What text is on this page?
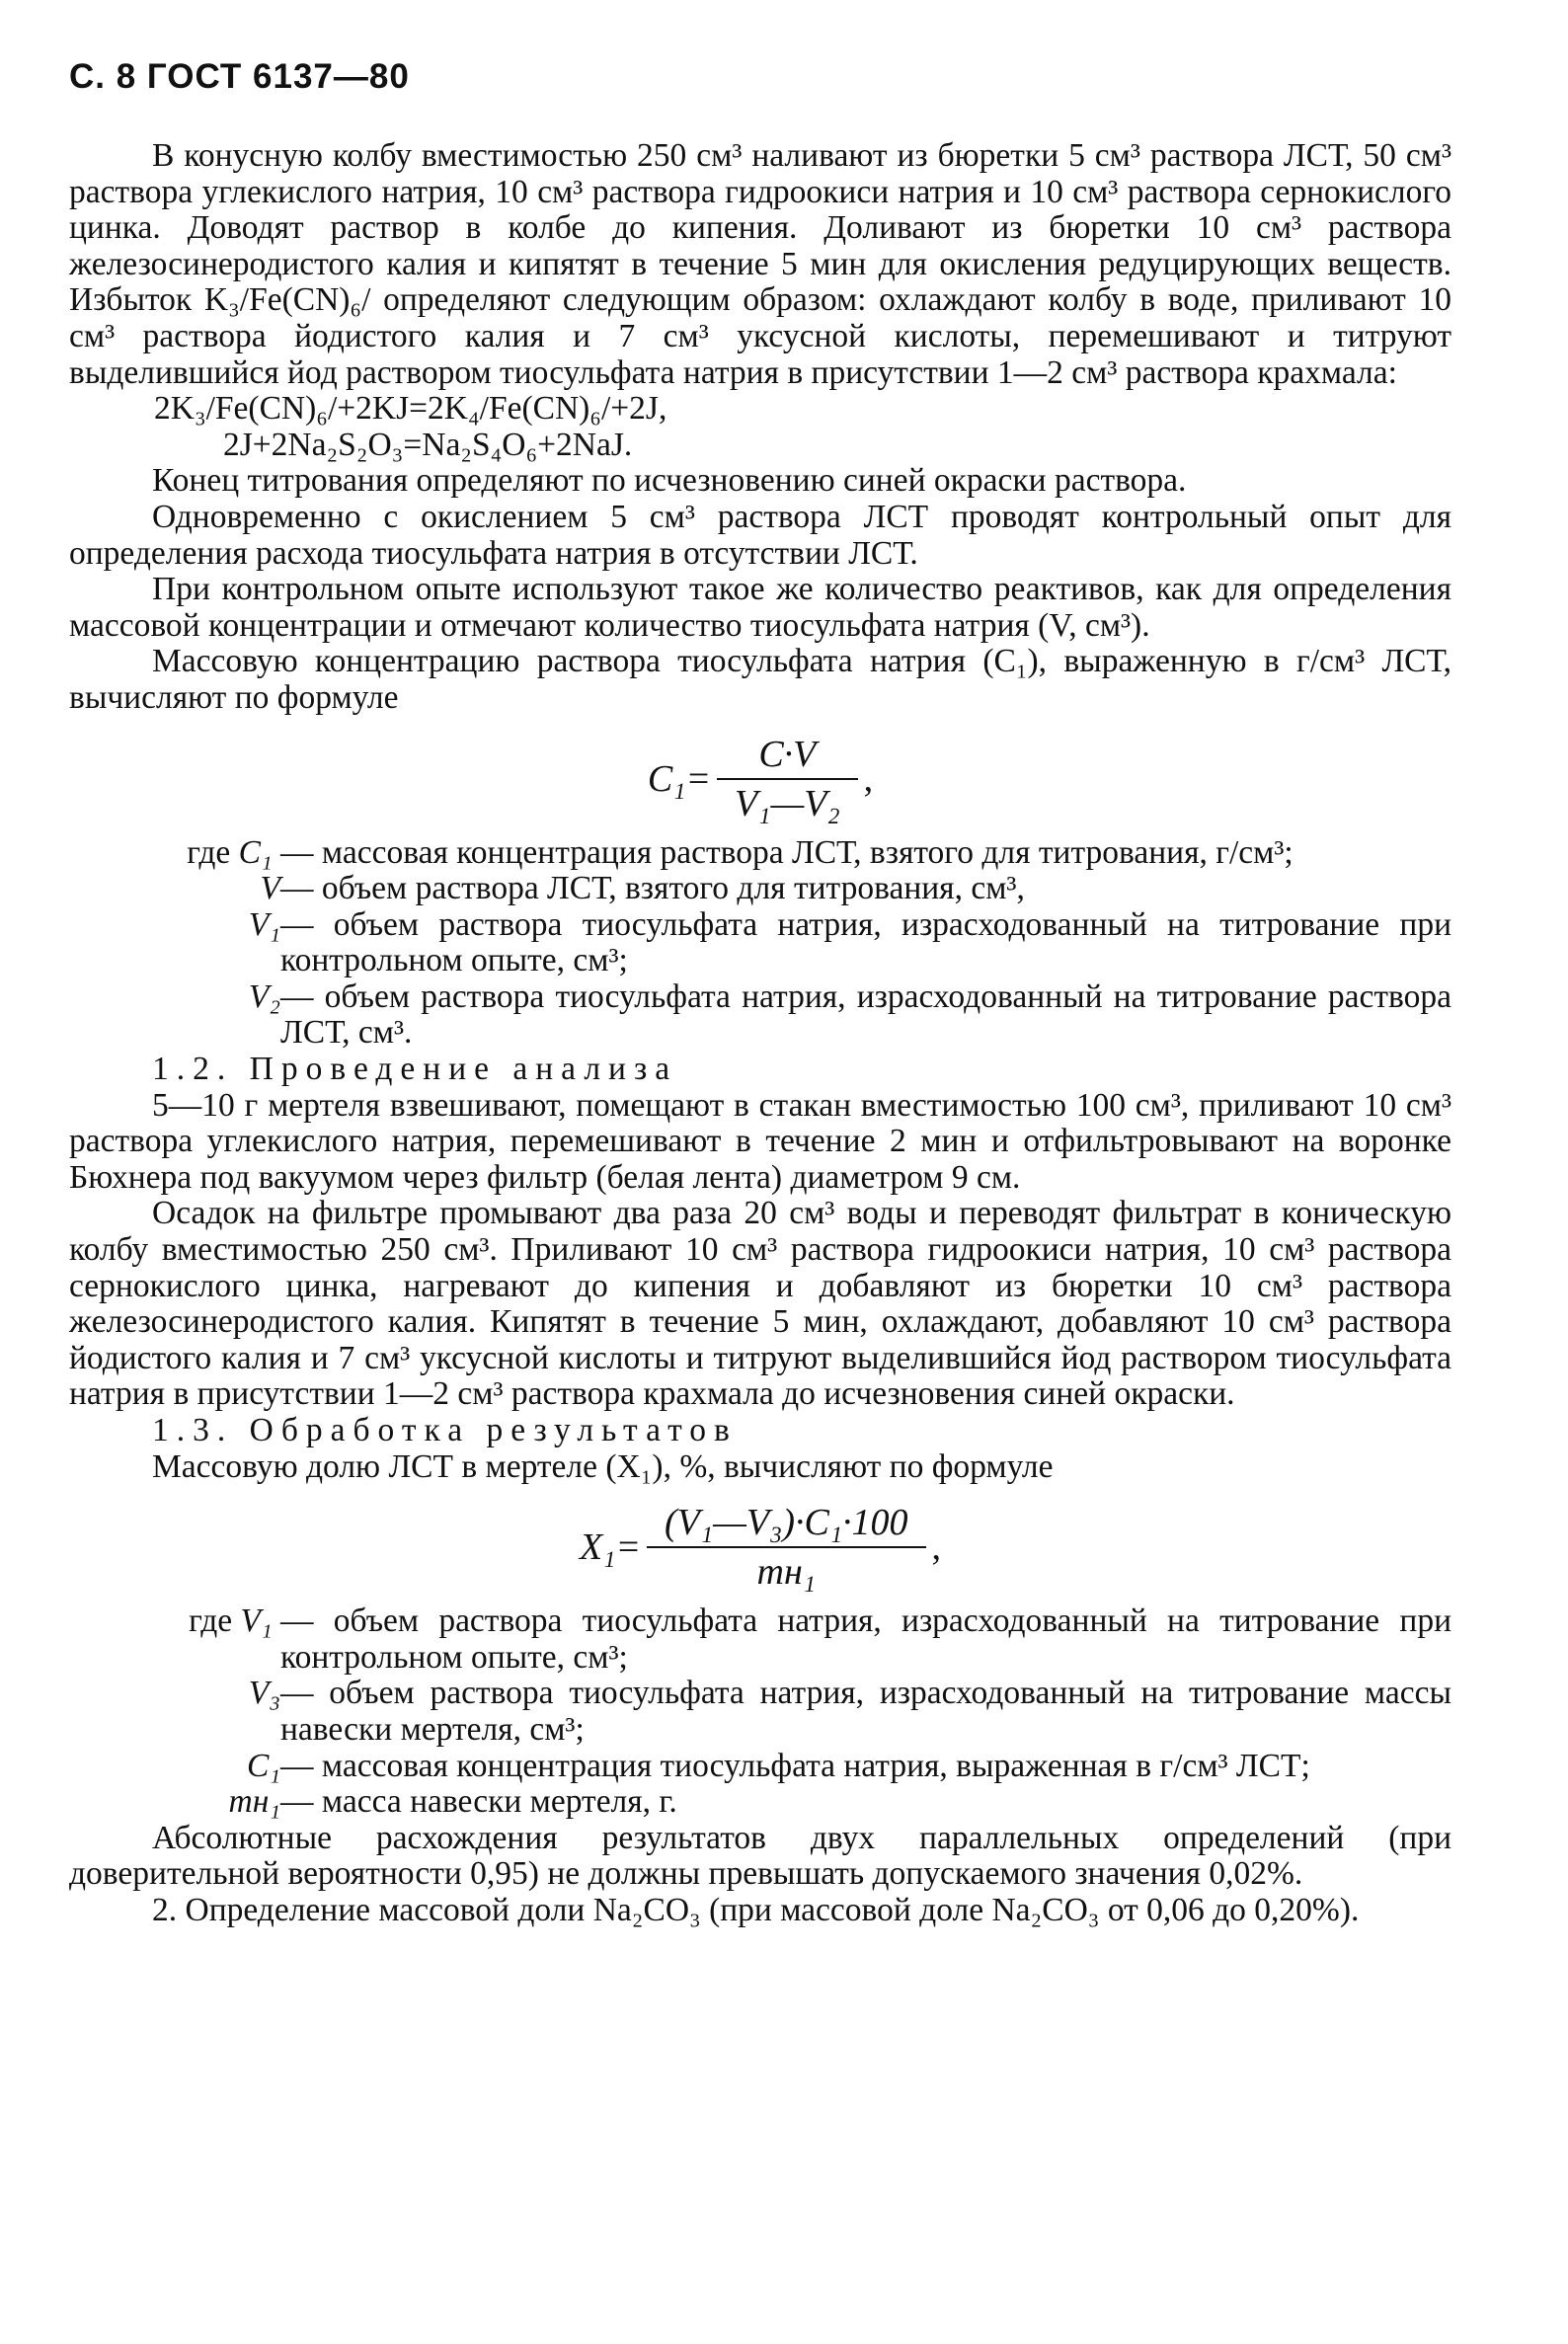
С. 8 ГОСТ 6137—80

В конусную колбу вместимостью 250 см³ наливают из бюретки 5 см³ раствора ЛСТ, 50 см³ раствора углекислого натрия, 10 см³ раствора гидроокиси натрия и 10 см³ раствора сернокислого цинка. Доводят раствор в колбе до кипения. Доливают из бюретки 10 см³ раствора железосинеродистого калия и кипятят в течение 5 мин для окисления редуцирующих веществ. Избыток K₃/Fe(CN)₆/ определяют следующим образом: охлаждают колбу в воде, приливают 10 см³ раствора йодистого калия и 7 см³ уксусной кислоты, перемешивают и титруют выделившийся йод раствором тиосульфата натрия в присутствии 1—2 см³ раствора крахмала:

2K₃/Fe(CN)₆/+2KJ=2K₄/Fe(CN)₆/+2J,

2J+2Na₂S₂O₃=Na₂S₄O₆+2NaJ.

Конец титрования определяют по исчезновению синей окраски раствора.

Одновременно с окислением 5 см³ раствора ЛСТ проводят контрольный опыт для определения расхода тиосульфата натрия в отсутствии ЛСТ.

При контрольном опыте используют такое же количество реактивов, как для определения массовой концентрации и отмечают количество тиосульфата натрия (V, см³).

Массовую концентрацию раствора тиосульфата натрия (C₁), выраженную в г/см³ ЛСТ, вычисляют по формуле

$C_1= \frac{C\cdot V}{\text{V₁—V₂}}$ ,
где C₁ — массовая концентрация раствора ЛСТ, взятого для титрования, г/см³;
V — объем раствора ЛСТ, взятого для титрования, см³,
V₁ — объем раствора тиосульфата натрия, израсходованный на титрование при контрольном опыте, см³;
V₂ — объем раствора тиосульфата натрия, израсходованный на титрование раствора ЛСТ, см³.

1.2. Проведение анализа

5—10 г мертеля взвешивают, помещают в стакан вместимостью 100 см³, приливают 10 см³ раствора углекислого натрия, перемешивают в течение 2 мин и отфильтровывают на воронке Бюхнера под вакуумом через фильтр (белая лента) диаметром 9 см.

Осадок на фильтре промывают два раза 20 см³ воды и переводят фильтрат в коническую колбу вместимостью 250 см³. Приливают 10 см³ раствора гидроокиси натрия, 10 см³ раствора сернокислого цинка, нагревают до кипения и добавляют из бюретки 10 см³ раствора железосинеродистого калия. Кипятят в течение 5 мин, охлаждают, добавляют 10 см³ раствора йодистого калия и 7 см³ уксусной кислоты и титруют выделившийся йод раствором тиосульфата натрия в присутствии 1—2 см³ раствора крахмала до исчезновения синей окраски.

1.3. Обработка результатов

Массовую долю ЛСТ в мертеле (X₁), %, вычисляют по формуле

$X_1= \frac{\text{(V₁—V₃)·C₁·100}}{\text{mн₁}}$ ,
где V₁ — объем раствора тиосульфата натрия, израсходованный на титрование при контрольном опыте, см³;
V₃ — объем раствора тиосульфата натрия, израсходованный на титрование массы навески мертеля, см³;
C₁ — массовая концентрация тиосульфата натрия, выраженная в г/см³ ЛСТ;
mн₁ — масса навески мертеля, г.

Абсолютные расхождения результатов двух параллельных определений (при доверительной вероятности 0,95) не должны превышать допускаемого значения 0,02%.

2. Определение массовой доли Na₂CO₃ (при массовой доле Na₂CO₃ от 0,06 до 0,20%).
